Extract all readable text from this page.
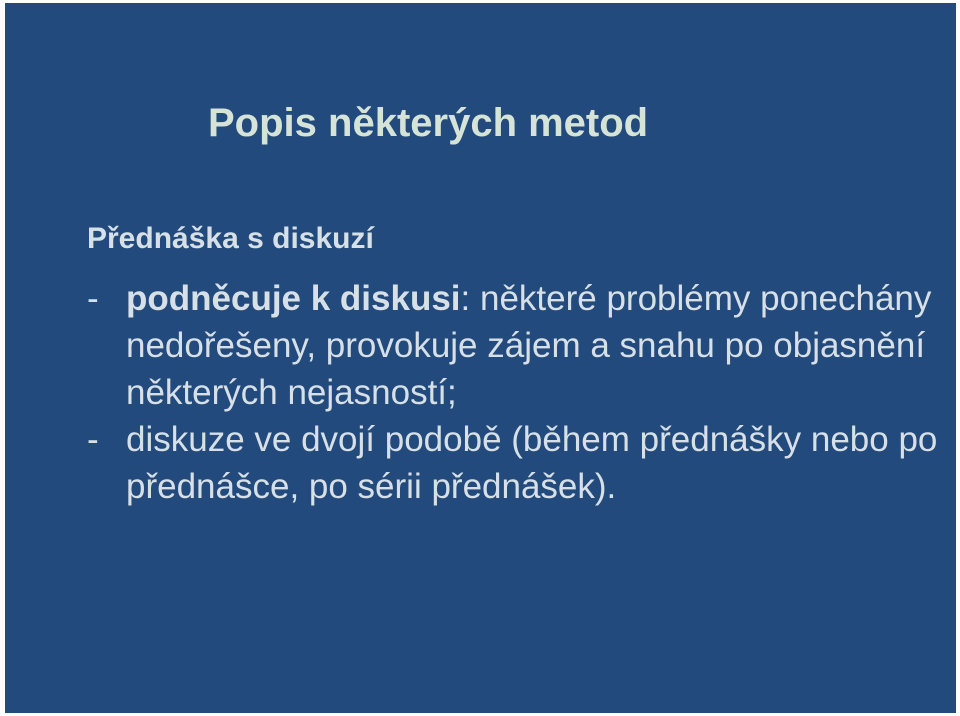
Popis některých metod
Přednáška s diskuzí
- podněcuje k diskusi: některé problémy ponechány nedořešeny, provokuje zájem a snahu po objasnění některých nejasností;
- diskuze ve dvojí podobě (během přednášky nebo po přednášce, po sérii přednášek).
